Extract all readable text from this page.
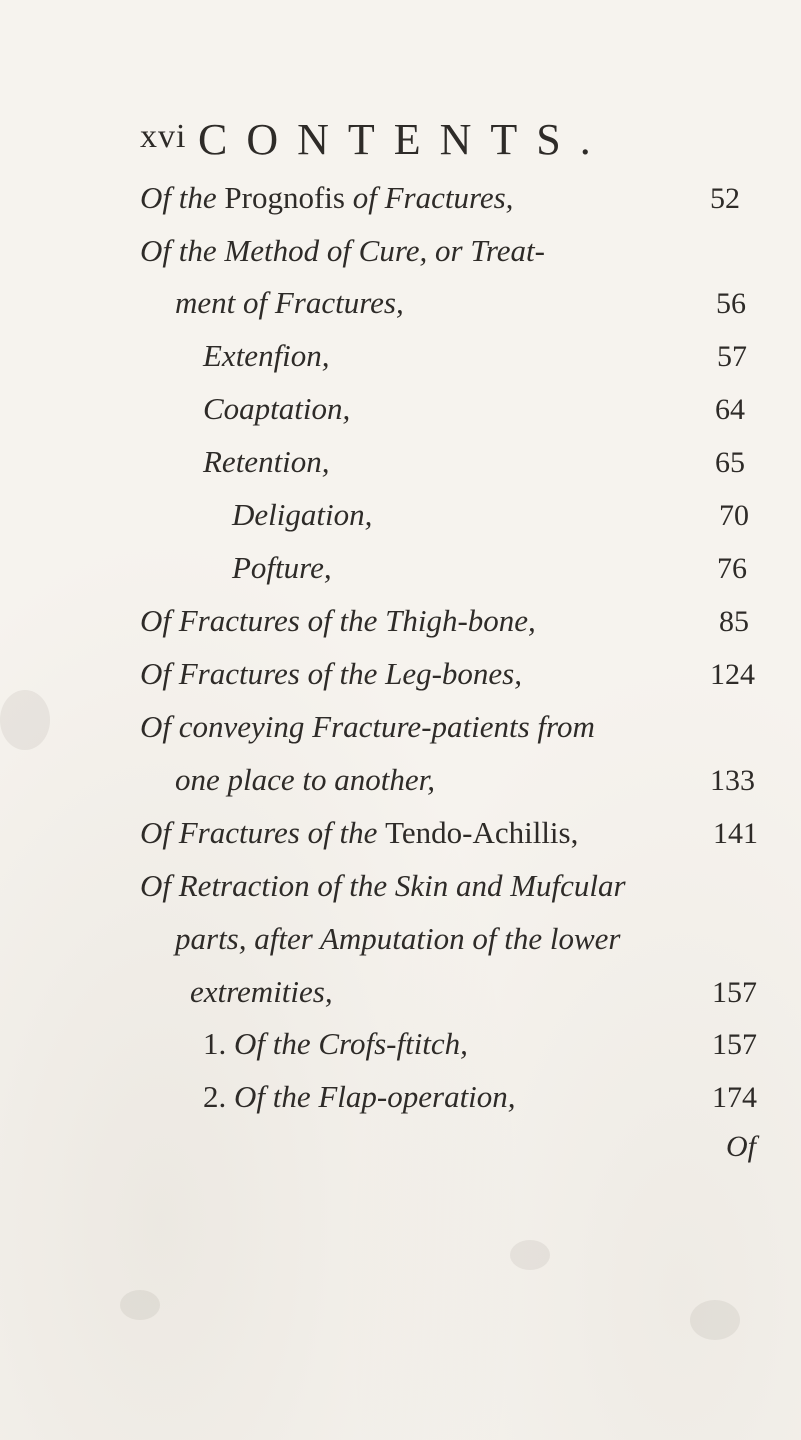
xvi CONTENTS.
Of the Prognofis of Fractures,	52
Of the Method of Cure, or Treat-
ment of Fractures,	56
Extenfion,	57
Coaptation,	64
Retention,	65
Deligation,	70
Pofture,	76
Of Fractures of the Thigh-bone,	85
Of Fractures of the Leg-bones,	124
Of conveying Fracture-patients from
one place to another,	133
Of Fractures of the Tendo-Achillis,	141
Of Retraction of the Skin and Mufcular
parts, after Amputation of the lower
extremities,	157
1. Of the Crofs-ftitch,	157
2. Of the Flap-operation,	174
Of
